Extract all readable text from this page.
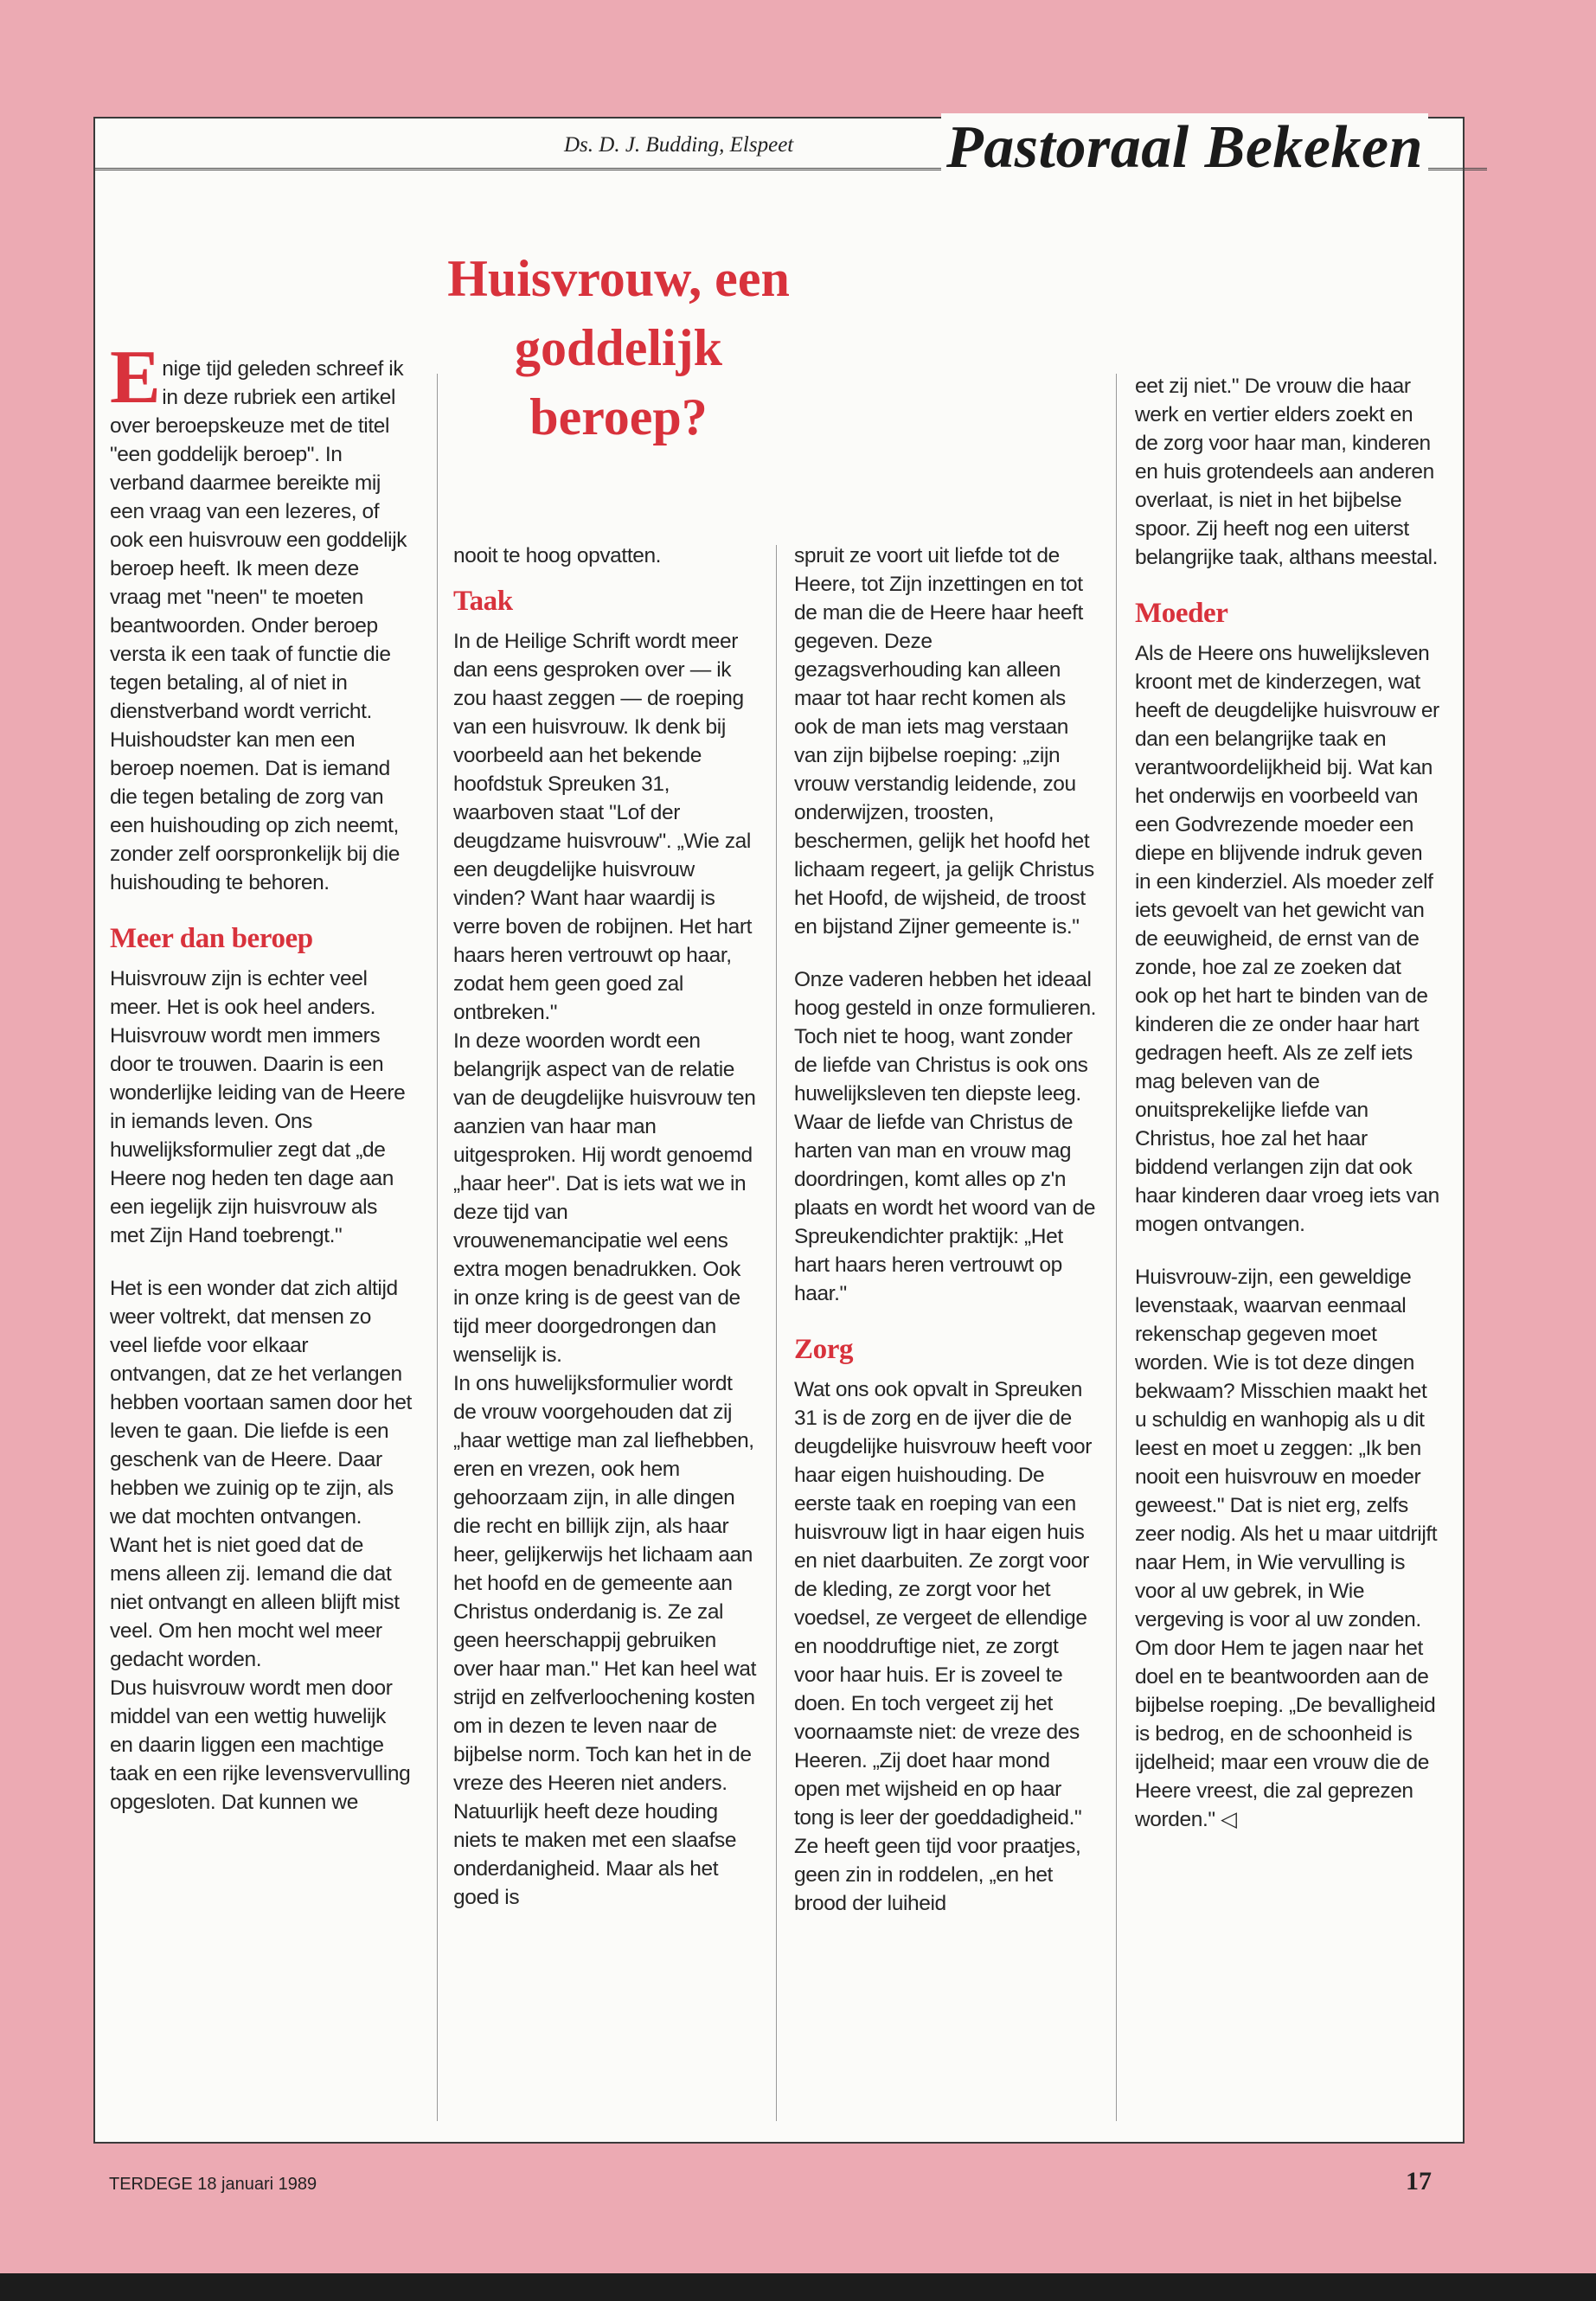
Ds. D. J. Budding, Elspeet	Pastoraal Bekeken
Huisvrouw, een goddelijk beroep?

Enige tijd geleden schreef ik in deze rubriek een artikel over beroepskeuze met de titel "een goddelijk beroep". In verband daarmee bereikte mij een vraag van een lezeres, of ook een huisvrouw een goddelijk beroep heeft. Ik meen deze vraag met "neen" te moeten beantwoorden. Onder beroep versta ik een taak of functie die tegen betaling, al of niet in dienstverband wordt verricht. Huishoudster kan men een beroep noemen. Dat is iemand die tegen betaling de zorg van een huishouding op zich neemt, zonder zelf oorspronkelijk bij die huishouding te behoren.

Meer dan beroep

Huisvrouw zijn is echter veel meer. Het is ook heel anders. Huisvrouw wordt men immers door te trouwen. Daarin is een wonderlijke leiding van de Heere in iemands leven. Ons huwelijksformulier zegt dat „de Heere nog heden ten dage aan een iegelijk zijn huisvrouw als met Zijn Hand toebrengt."

Het is een wonder dat zich altijd weer voltrekt, dat mensen zo veel liefde voor elkaar ontvangen, dat ze het verlangen hebben voortaan samen door het leven te gaan. Die liefde is een geschenk van de Heere. Daar hebben we zuinig op te zijn, als we dat mochten ontvangen. Want het is niet goed dat de mens alleen zij. Iemand die dat niet ontvangt en alleen blijft mist veel. Om hen mocht wel meer gedacht worden.

Dus huisvrouw wordt men door middel van een wettig huwelijk en daarin liggen een machtige taak en een rijke levensvervulling opgesloten. Dat kunnen we

nooit te hoog opvatten.

Taak

In de Heilige Schrift wordt meer dan eens gesproken over — ik zou haast zeggen — de roeping van een huisvrouw. Ik denk bij voorbeeld aan het bekende hoofdstuk Spreuken 31, waarboven staat "Lof der deugdzame huisvrouw". „Wie zal een deugdelijke huisvrouw vinden? Want haar waardij is verre boven de robijnen. Het hart haars heren vertrouwt op haar, zodat hem geen goed zal ontbreken."

In deze woorden wordt een belangrijk aspect van de relatie van de deugdelijke huisvrouw ten aanzien van haar man uitgesproken. Hij wordt genoemd „haar heer". Dat is iets wat we in deze tijd van vrouwenemancipatie wel eens extra mogen benadrukken. Ook in onze kring is de geest van de tijd meer doorgedrongen dan wenselijk is.

In ons huwelijksformulier wordt de vrouw voorgehouden dat zij „haar wettige man zal liefhebben, eren en vrezen, ook hem gehoorzaam zijn, in alle dingen die recht en billijk zijn, als haar heer, gelijkerwijs het lichaam aan het hoofd en de gemeente aan Christus onderdanig is. Ze zal geen heerschappij gebruiken over haar man." Het kan heel wat strijd en zelfverloochening kosten om in dezen te leven naar de bijbelse norm. Toch kan het in de vreze des Heeren niet anders.

Natuurlijk heeft deze houding niets te maken met een slaafse onderdanigheid. Maar als het goed is

spruit ze voort uit liefde tot de Heere, tot Zijn inzettingen en tot de man die de Heere haar heeft gegeven. Deze gezagsverhouding kan alleen maar tot haar recht komen als ook de man iets mag verstaan van zijn bijbelse roeping: „zijn vrouw verstandig leidende, zou onderwijzen, troosten, beschermen, gelijk het hoofd het lichaam regeert, ja gelijk Christus het Hoofd, de wijsheid, de troost en bijstand Zijner gemeente is."

Onze vaderen hebben het ideaal hoog gesteld in onze formulieren. Toch niet te hoog, want zonder de liefde van Christus is ook ons huwelijksleven ten diepste leeg. Waar de liefde van Christus de harten van man en vrouw mag doordringen, komt alles op z'n plaats en wordt het woord van de Spreukendichter praktijk: „Het hart haars heren vertrouwt op haar."

Zorg

Wat ons ook opvalt in Spreuken 31 is de zorg en de ijver die de deugdelijke huisvrouw heeft voor haar eigen huishouding. De eerste taak en roeping van een huisvrouw ligt in haar eigen huis en niet daarbuiten. Ze zorgt voor de kleding, ze zorgt voor het voedsel, ze vergeet de ellendige en nooddruftige niet, ze zorgt voor haar huis. Er is zoveel te doen. En toch vergeet zij het voornaamste niet: de vreze des Heeren. „Zij doet haar mond open met wijsheid en op haar tong is leer der goeddadigheid." Ze heeft geen tijd voor praatjes, geen zin in roddelen, „en het brood der luiheid

eet zij niet." De vrouw die haar werk en vertier elders zoekt en de zorg voor haar man, kinderen en huis grotendeels aan anderen overlaat, is niet in het bijbelse spoor. Zij heeft nog een uiterst belangrijke taak, althans meestal.

Moeder

Als de Heere ons huwelijksleven kroont met de kinderzegen, wat heeft de deugdelijke huisvrouw er dan een belangrijke taak en verantwoordelijkheid bij. Wat kan het onderwijs en voorbeeld van een Godvrezende moeder een diepe en blijvende indruk geven in een kinderziel. Als moeder zelf iets gevoelt van het gewicht van de eeuwigheid, de ernst van de zonde, hoe zal ze zoeken dat ook op het hart te binden van de kinderen die ze onder haar hart gedragen heeft. Als ze zelf iets mag beleven van de onuitsprekelijke liefde van Christus, hoe zal het haar biddend verlangen zijn dat ook haar kinderen daar vroeg iets van mogen ontvangen.

Huisvrouw-zijn, een geweldige levenstaak, waarvan eenmaal rekenschap gegeven moet worden. Wie is tot deze dingen bekwaam? Misschien maakt het u schuldig en wanhopig als u dit leest en moet u zeggen: „Ik ben nooit een huisvrouw en moeder geweest." Dat is niet erg, zelfs zeer nodig. Als het u maar uitdrijft naar Hem, in Wie vervulling is voor al uw gebrek, in Wie vergeving is voor al uw zonden. Om door Hem te jagen naar het doel en te beantwoorden aan de bijbelse roeping. „De bevalligheid is bedrog, en de schoonheid is ijdelheid; maar een vrouw die de Heere vreest, die zal geprezen worden." ◁

TERDEGE 18 januari 1989	17
